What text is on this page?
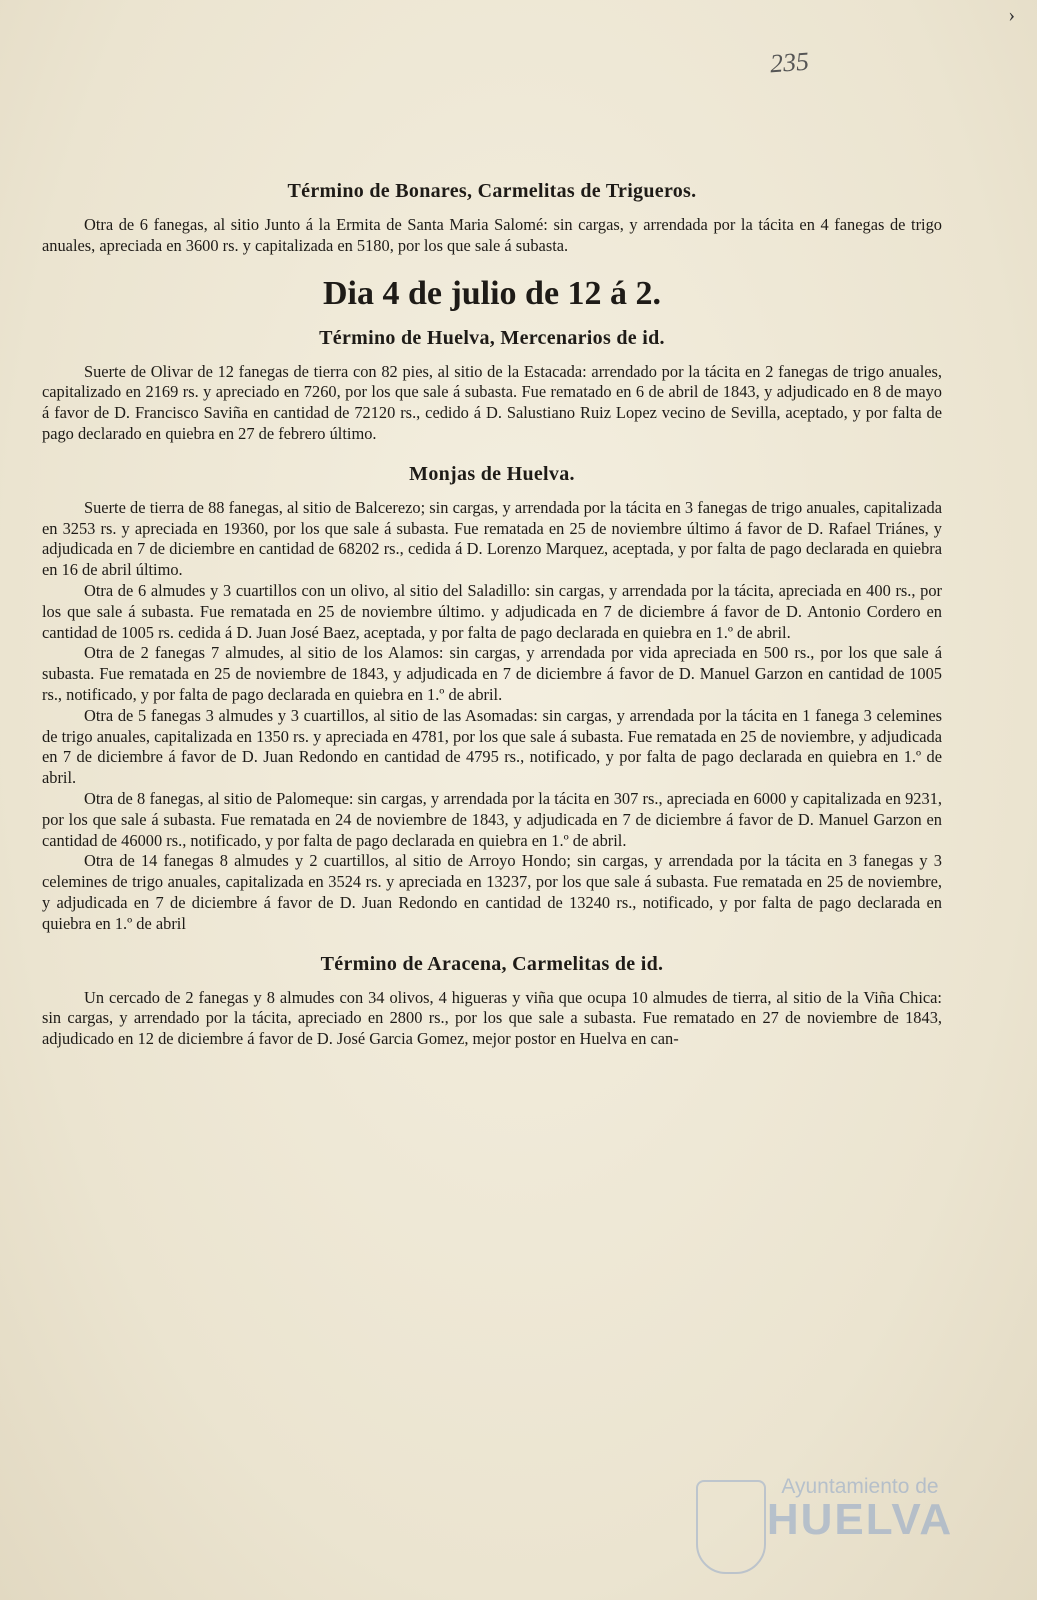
›
235
Término de Bonares, Carmelitas de Trigueros.

Otra de 6 fanegas, al sitio Junto á la Ermita de Santa Maria Salomé: sin cargas, y arrendada por la tácita en 4 fanegas de trigo anuales, apreciada en 3600 rs. y capitalizada en 5180, por los que sale á subasta.

Dia 4 de julio de 12 á 2.
Término de Huelva, Mercenarios de id.

Suerte de Olivar de 12 fanegas de tierra con 82 pies, al sitio de la Estacada: arrendado por la tácita en 2 fanegas de trigo anuales, capitalizado en 2169 rs. y apreciado en 7260, por los que sale á subasta. Fue rematado en 6 de abril de 1843, y adjudicado en 8 de mayo á favor de D. Francisco Saviña en cantidad de 72120 rs., cedido á D. Salustiano Ruiz Lopez vecino de Sevilla, aceptado, y por falta de pago declarado en quiebra en 27 de febrero último.

Monjas de Huelva.

Suerte de tierra de 88 fanegas, al sitio de Balcerezo; sin cargas, y arrendada por la tácita en 3 fanegas de trigo anuales, capitalizada en 3253 rs. y apreciada en 19360, por los que sale á subasta. Fue rematada en 25 de noviembre último á favor de D. Rafael Triánes, y adjudicada en 7 de diciembre en cantidad de 68202 rs., cedida á D. Lorenzo Marquez, aceptada, y por falta de pago declarada en quiebra en 16 de abril último.

Otra de 6 almudes y 3 cuartillos con un olivo, al sitio del Saladillo: sin cargas, y arrendada por la tácita, apreciada en 400 rs., por los que sale á subasta. Fue rematada en 25 de noviembre último. y adjudicada en 7 de diciembre á favor de D. Antonio Cordero en cantidad de 1005 rs. cedida á D. Juan José Baez, aceptada, y por falta de pago declarada en quiebra en 1.º de abril.

Otra de 2 fanegas 7 almudes, al sitio de los Alamos: sin cargas, y arrendada por vida apreciada en 500 rs., por los que sale á subasta. Fue rematada en 25 de noviembre de 1843, y adjudicada en 7 de diciembre á favor de D. Manuel Garzon en cantidad de 1005 rs., notificado, y por falta de pago declarada en quiebra en 1.º de abril.

Otra de 5 fanegas 3 almudes y 3 cuartillos, al sitio de las Asomadas: sin cargas, y arrendada por la tácita en 1 fanega 3 celemines de trigo anuales, capitalizada en 1350 rs. y apreciada en 4781, por los que sale á subasta. Fue rematada en 25 de noviembre, y adjudicada en 7 de diciembre á favor de D. Juan Redondo en cantidad de 4795 rs., notificado, y por falta de pago declarada en quiebra en 1.º de abril.

Otra de 8 fanegas, al sitio de Palomeque: sin cargas, y arrendada por la tácita en 307 rs., apreciada en 6000 y capitalizada en 9231, por los que sale á subasta. Fue rematada en 24 de noviembre de 1843, y adjudicada en 7 de diciembre á favor de D. Manuel Garzon en cantidad de 46000 rs., notificado, y por falta de pago declarada en quiebra en 1.º de abril.

Otra de 14 fanegas 8 almudes y 2 cuartillos, al sitio de Arroyo Hondo; sin cargas, y arrendada por la tácita en 3 fanegas y 3 celemines de trigo anuales, capitalizada en 3524 rs. y apreciada en 13237, por los que sale á subasta. Fue rematada en 25 de noviembre, y adjudicada en 7 de diciembre á favor de D. Juan Redondo en cantidad de 13240 rs., notificado, y por falta de pago declarada en quiebra en 1.º de abril

Término de Aracena, Carmelitas de id.

Un cercado de 2 fanegas y 8 almudes con 34 olivos, 4 higueras y viña que ocupa 10 almudes de tierra, al sitio de la Viña Chica: sin cargas, y arrendado por la tácita, apreciado en 2800 rs., por los que sale a subasta. Fue rematado en 27 de noviembre de 1843, adjudicado en 12 de diciembre á favor de D. José Garcia Gomez, mejor postor en Huelva en can-

Ayuntamiento de
HUELVA
